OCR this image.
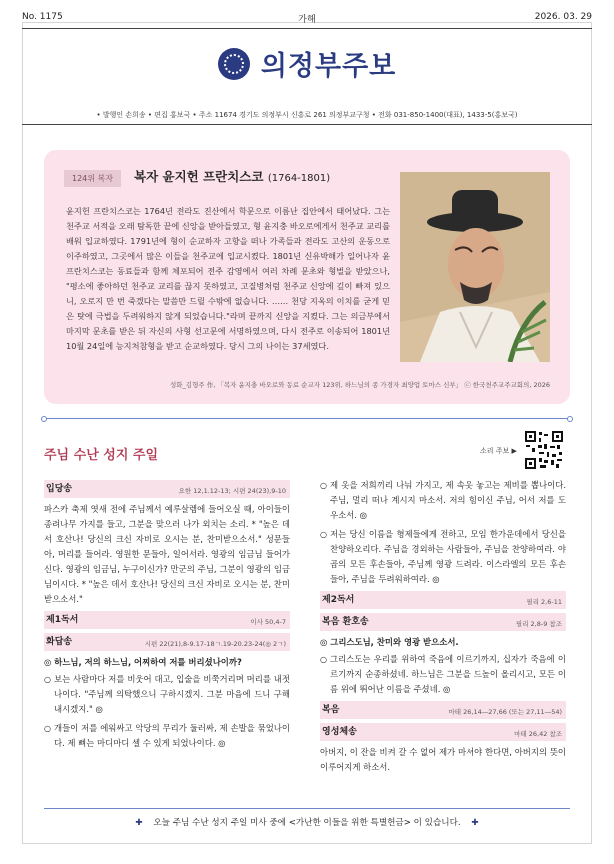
No. 1175	가해	2026. 03. 29
의정부주보
• 발행인 손희송 • 편집 홍보국 • 주소 11674 경기도 의정부시 신흥로 261 의정부교구청 • 전화 031-850-1400(대표), 1433-5(홍보국)
124위 복자	복자 윤지헌 프란치스코 (1764-1801)

윤지헌 프란치스코는 1764년 전라도 진산에서 학문으로 이름난 집안에서 태어났다. 그는 천주교 서적을 오래 탐독한 끝에 신앙을 받아들였고, 형 윤지충 바오로에게서 천주교 교리를 배워 입교하였다. 1791년에 형이 순교하자 고향을 떠나 가족들과 전라도 고산의 운동으로 이주하였고, 그곳에서 많은 이들을 천주교에 입교시켰다. 1801년 신유박해가 일어나자 윤 프란치스코는 동료들과 함께 체포되어 전주 감영에서 여러 차례 문초와 형벌을 받았으나, "평소에 좋아하던 천주교 교리를 끊지 못하였고, 고질병처럼 천주교 신앙에 깊이 빠져 있으니, 오로지 만 번 죽겠다는 말씀만 드릴 수밖에 없습니다. …… 천당 지옥의 이치를 굳게 믿은 탓에 극법을 두려워하지 않게 되었습니다."라며 끝까지 신앙을 지켰다. 그는 의금부에서 마지막 문초를 받은 뒤 자신의 사형 선고문에 서명하였으며, 다시 전주로 이송되어 1801년 10월 24일에 능지처참형을 받고 순교하였다. 당시 그의 나이는 37세였다.

성화_김형주 作, 「복자 윤지충 바오로와 동료 순교자 123위, 하느님의 종 가경자 최양업 토마스 신부」 ⓒ 한국천주교주교회의, 2026
주님 수난 성지 주일	소리 주보 ▶
입당송	요한 12,1.12-13; 시편 24(23),9-10
파스카 축제 엿새 전에 주님께서 예루살렘에 들어오실 때, 아이들이 종려나무 가지를 들고, 그분을 맞으러 나가 외치는 소리. * "높은 데서 호산나! 당신의 크신 자비로 오시는 분, 찬미받으소서." 성문들아, 머리를 들어라. 영원한 문들아, 일어서라. 영광의 임금님 들어가신다. 영광의 임금님, 누구이신가? 만군의 주님, 그분이 영광의 임금님이시다. * "높은 데서 호산나! 당신의 크신 자비로 오시는 분, 찬미받으소서."
제1독서	이사 50,4-7
화답송	시편 22(21),8-9.17-18ㄱ.19-20.23-24(◎ 2ㄱ)
◎ 하느님, 저의 하느님, 어찌하여 저를 버리셨나이까?
○ 보는 사람마다 저를 비웃어 대고, 입술을 비쭉거리며 머리를 내젓나이다. "주님께 의탁했으니 구하시겠지. 그분 마음에 드니 구해 내시겠지." ◎
○ 개들이 저를 에워싸고 악당의 무리가 둘러싸, 제 손발을 묶었나이다. 제 뼈는 마디마디 셀 수 있게 되었나이다. ◎
○ 제 옷을 저희끼리 나눠 가지고, 제 속옷 놓고는 제비를 뽑나이다. 주님, 멀리 떠나 계시지 마소서. 저의 힘이신 주님, 어서 저를 도우소서. ◎
○ 저는 당신 이름을 형제들에게 전하고, 모임 한가운데에서 당신을 찬양하오리다. 주님을 경외하는 사람들아, 주님을 찬양하여라. 야곱의 모든 후손들아, 주님께 영광 드려라. 이스라엘의 모든 후손들아, 주님을 두려워하여라. ◎
제2독서	필리 2,6-11
복음 환호송	필리 2,8-9 참조
◎ 그리스도님, 찬미와 영광 받으소서.
○ 그리스도는 우리를 위하여 죽음에 이르기까지, 십자가 죽음에 이르기까지 순종하셨네. 하느님은 그분을 드높이 올리시고, 모든 이름 위에 뛰어난 이름을 주셨네. ◎
복음	마태 26,14―27,66 (또는 27,11―54)
영성체송	마태 26,42 참조
아버지, 이 잔을 비켜 갈 수 없어 제가 마셔야 한다면, 아버지의 뜻이 이루어지게 하소서.
✚ 오늘 주님 수난 성지 주일 미사 중에 <가난한 이들을 위한 특별헌금> 이 있습니다. ✚
